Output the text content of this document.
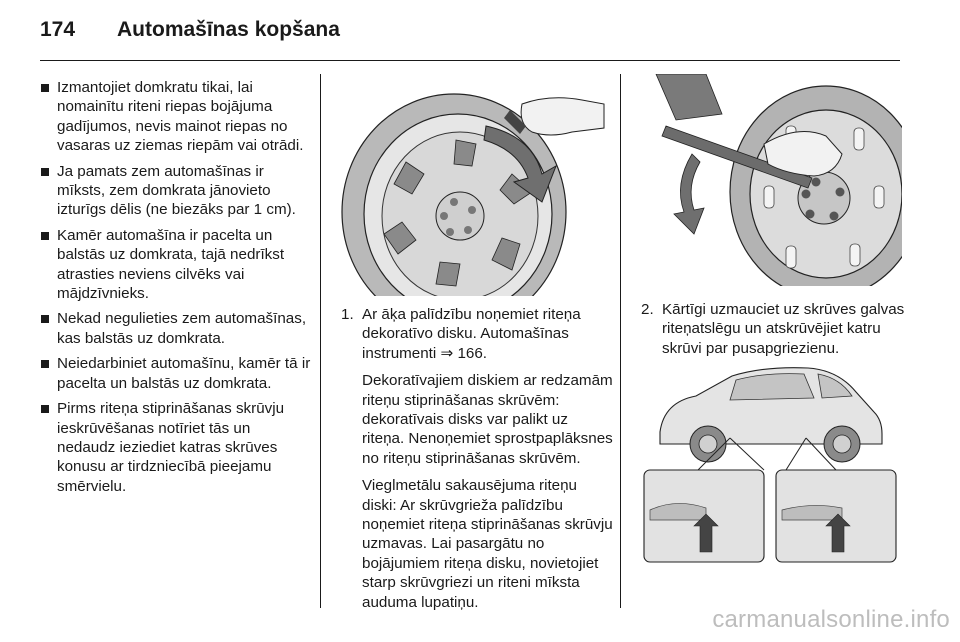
174 Automašīnas kopšana
Izmantojiet domkratu tikai, lai nomainītu riteni riepas bojājuma gadījumos, nevis mainot riepas no vasaras uz ziemas riepām vai otrādi.
Ja pamats zem automašīnas ir mīksts, zem domkrata jānovieto izturīgs dēlis (ne biezāks par 1 cm).
Kamēr automašīna ir pacelta un balstās uz domkrata, tajā nedrīkst atrasties neviens cilvēks vai mājdzīvnieks.
Nekad negulieties zem automašīnas, kas balstās uz domkrata.
Neiedarbiniet automašīnu, kamēr tā ir pacelta un balstās uz domkrata.
Pirms riteņa stiprināšanas skrūvju ieskrūvēšanas notīriet tās un nedaudz ieziediet katras skrūves konusu ar tirdzniecībā pieejamu smērvielu.
1. Ar āķa palīdzību noņemiet riteņa dekoratīvo disku. Automašīnas instrumenti ⇒ 166.
Dekoratīvajiem diskiem ar redzamām riteņu stiprināšanas skrūvēm: dekoratīvais disks var palikt uz riteņa. Nenoņemiet sprostpaplāksnes no riteņu stiprināšanas skrūvēm.
Vieglmetālu sakausējuma riteņu diski: Ar skrūvgrieža palīdzību noņemiet riteņa stiprināšanas skrūvju uzmavas. Lai pasargātu no bojājumiem riteņa disku, novietojiet starp skrūvgriezi un riteni mīksta auduma lupatiņu.
2. Kārtīgi uzmauciet uz skrūves galvas riteņatslēgu un atskrūvējiet katru skrūvi par pusapgriezienu.
carmanualsonline.info
